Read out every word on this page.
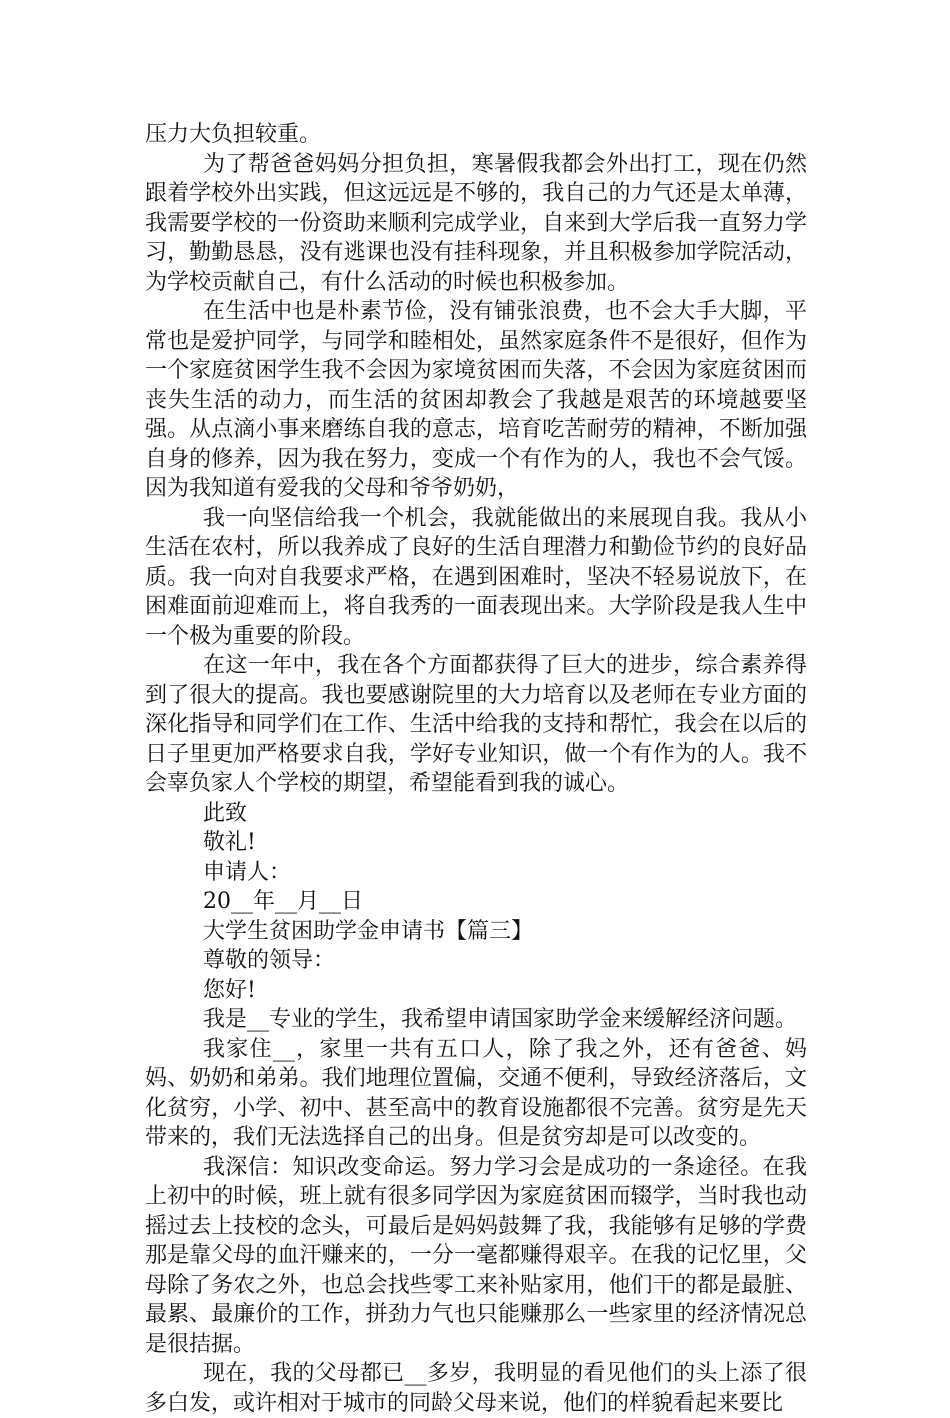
压力大负担较重。

为了帮爸爸妈妈分担负担，寒暑假我都会外出打工，现在仍然跟着学校外出实践，但这远远是不够的，我自己的力气还是太单薄，我需要学校的一份资助来顺利完成学业，自来到大学后我一直努力学习，勤勤恳恳，没有逃课也没有挂科现象，并且积极参加学院活动，为学校贡献自己，有什么活动的时候也积极参加。

在生活中也是朴素节俭，没有铺张浪费，也不会大手大脚，平常也是爱护同学，与同学和睦相处，虽然家庭条件不是很好，但作为一个家庭贫困学生我不会因为家境贫困而失落，不会因为家庭贫困而丧失生活的动力，而生活的贫困却教会了我越是艰苦的环境越要坚强。从点滴小事来磨练自我的意志，培育吃苦耐劳的精神，不断加强自身的修养，因为我在努力，变成一个有作为的人，我也不会气馁。因为我知道有爱我的父母和爷爷奶奶，

我一向坚信给我一个机会，我就能做出的来展现自我。我从小生活在农村，所以我养成了良好的生活自理潜力和勤俭节约的良好品质。我一向对自我要求严格，在遇到困难时，坚决不轻易说放下，在困难面前迎难而上，将自我秀的一面表现出来。大学阶段是我人生中一个极为重要的阶段。

在这一年中，我在各个方面都获得了巨大的进步，综合素养得到了很大的提高。我也要感谢院里的大力培育以及老师在专业方面的深化指导和同学们在工作、生活中给我的支持和帮忙，我会在以后的日子里更加严格要求自我，学好专业知识，做一个有作为的人。我不会辜负家人个学校的期望，希望能看到我的诚心。

此致

敬礼!

申请人：

20__年__月__日

大学生贫困助学金申请书【篇三】

尊敬的领导：

您好!

我是__专业的学生，我希望申请国家助学金来缓解经济问题。

我家住__，家里一共有五口人，除了我之外，还有爸爸、妈妈、奶奶和弟弟。我们地理位置偏，交通不便利，导致经济落后，文化贫穷，小学、初中、甚至高中的教育设施都很不完善。贫穷是先天带来的，我们无法选择自己的出身。但是贫穷却是可以改变的。

我深信：知识改变命运。努力学习会是成功的一条途径。在我上初中的时候，班上就有很多同学因为家庭贫困而辍学，当时我也动摇过去上技校的念头，可最后是妈妈鼓舞了我，我能够有足够的学费那是靠父母的血汗赚来的，一分一毫都赚得艰辛。在我的记忆里，父母除了务农之外，也总会找些零工来补贴家用，他们干的都是最脏、最累、最廉价的工作，拼劲力气也只能赚那么一些家里的经济情况总是很拮据。

现在，我的父母都已__多岁，我明显的看见他们的头上添了很多白发，或许相对于城市的同龄父母来说，他们的样貌看起来要比
